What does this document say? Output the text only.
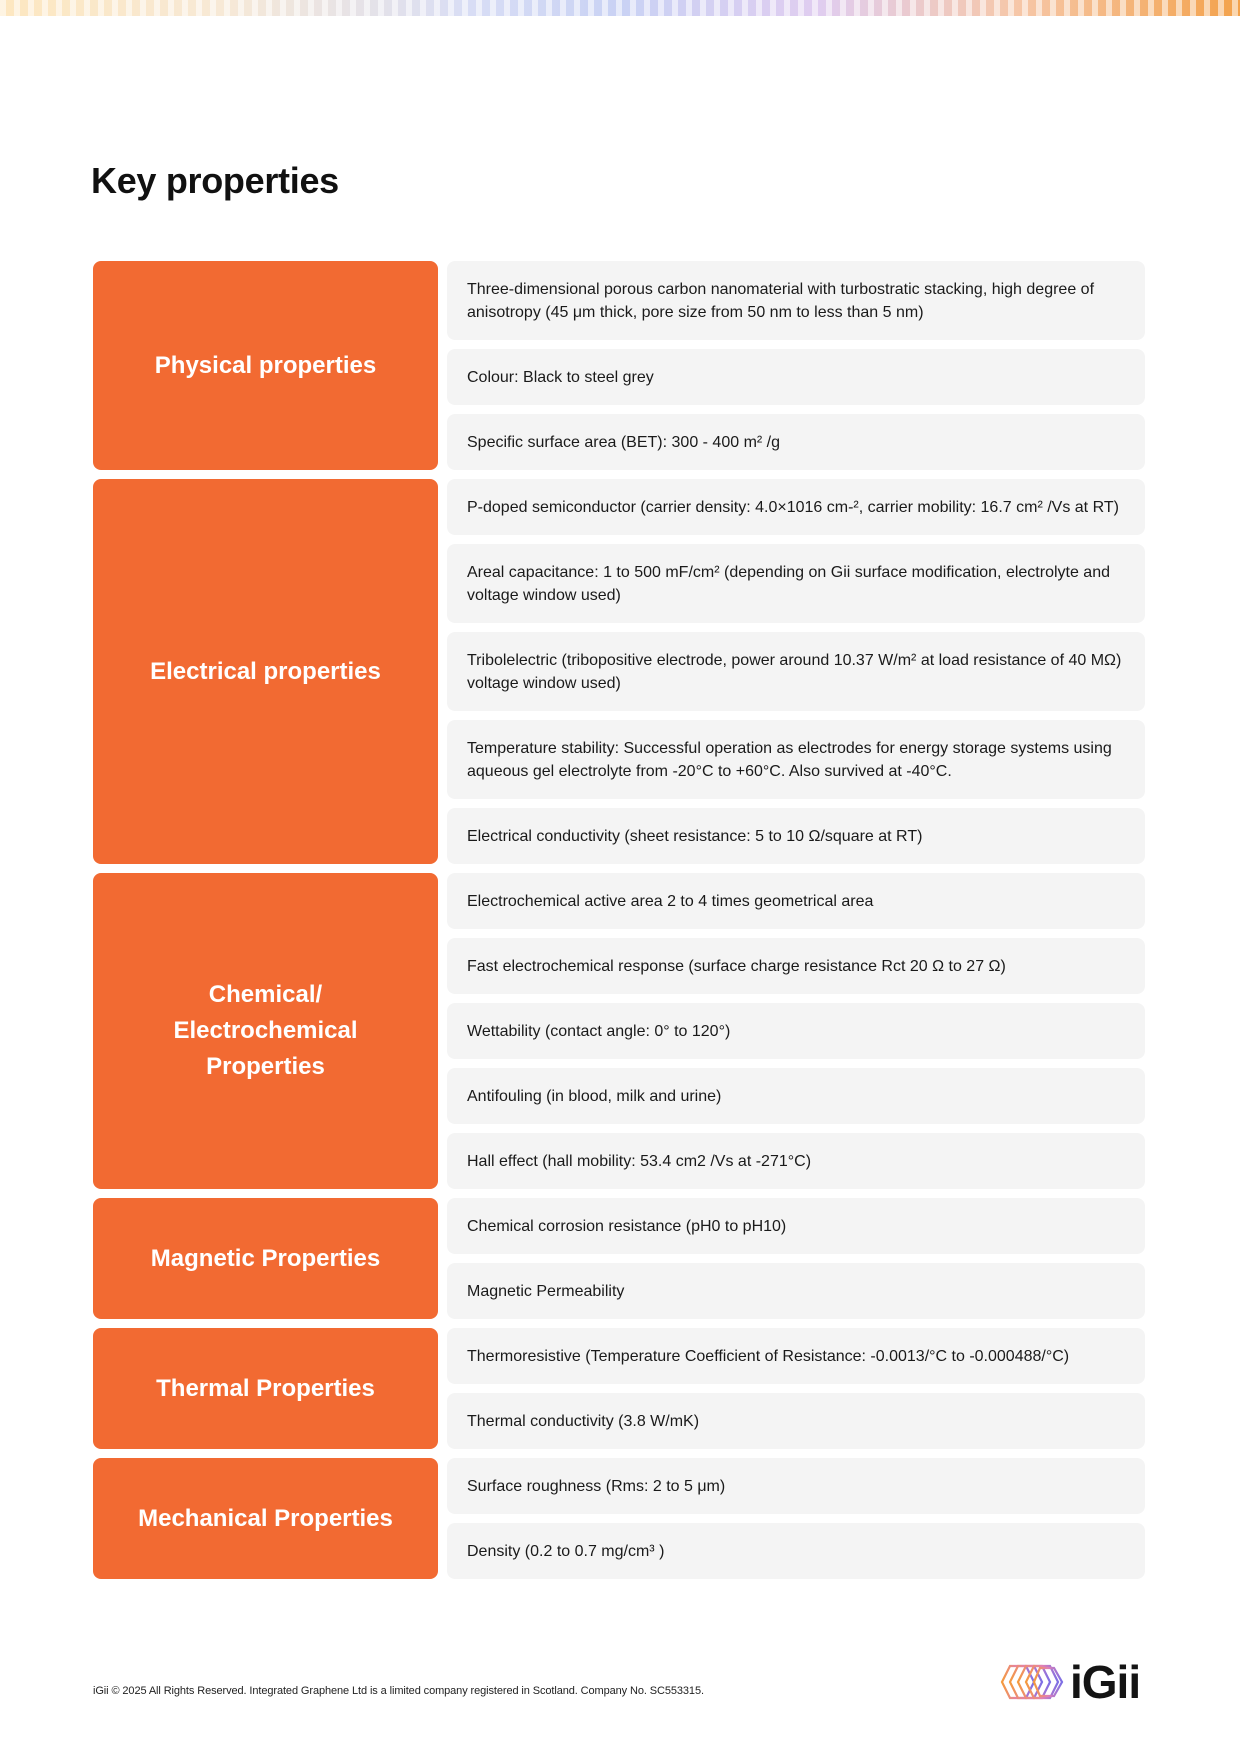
Key properties
Physical properties
Three-dimensional porous carbon nanomaterial with turbostratic stacking, high degree of anisotropy (45 μm thick, pore size from 50 nm to less than 5 nm)
Colour: Black to steel grey
Specific surface area (BET): 300 - 400 m² /g
Electrical properties
P-doped semiconductor (carrier density: 4.0×1016 cm-², carrier mobility: 16.7 cm² /Vs at RT)
Areal capacitance: 1 to 500 mF/cm² (depending on Gii surface modification, electrolyte and voltage window used)
Tribolelectric (tribopositive electrode, power around 10.37 W/m² at load resistance of 40 MΩ) voltage window used)
Temperature stability: Successful operation as electrodes for energy storage systems using aqueous gel electrolyte from -20°C to +60°C. Also survived at -40°C.
Electrical conductivity (sheet resistance: 5 to 10 Ω/square at RT)
Chemical/
Electrochemical
Properties
Electrochemical active area 2 to 4 times geometrical area
Fast electrochemical response (surface charge resistance Rct 20 Ω to 27 Ω)
Wettability (contact angle: 0° to 120°)
Antifouling (in blood, milk and urine)
Hall effect (hall mobility: 53.4 cm2 /Vs at -271°C)
Magnetic Properties
Chemical corrosion resistance (pH0 to pH10)
Magnetic Permeability
Thermal Properties
Thermoresistive (Temperature Coefficient of Resistance: -0.0013/°C to -0.000488/°C)
Thermal conductivity (3.8 W/mK)
Mechanical Properties
Surface roughness (Rms: 2 to 5 μm)
Density (0.2 to 0.7 mg/cm³ )
iGii © 2025 All Rights Reserved. Integrated Graphene Ltd is a limited company registered in Scotland. Company No. SC553315.	iGii
